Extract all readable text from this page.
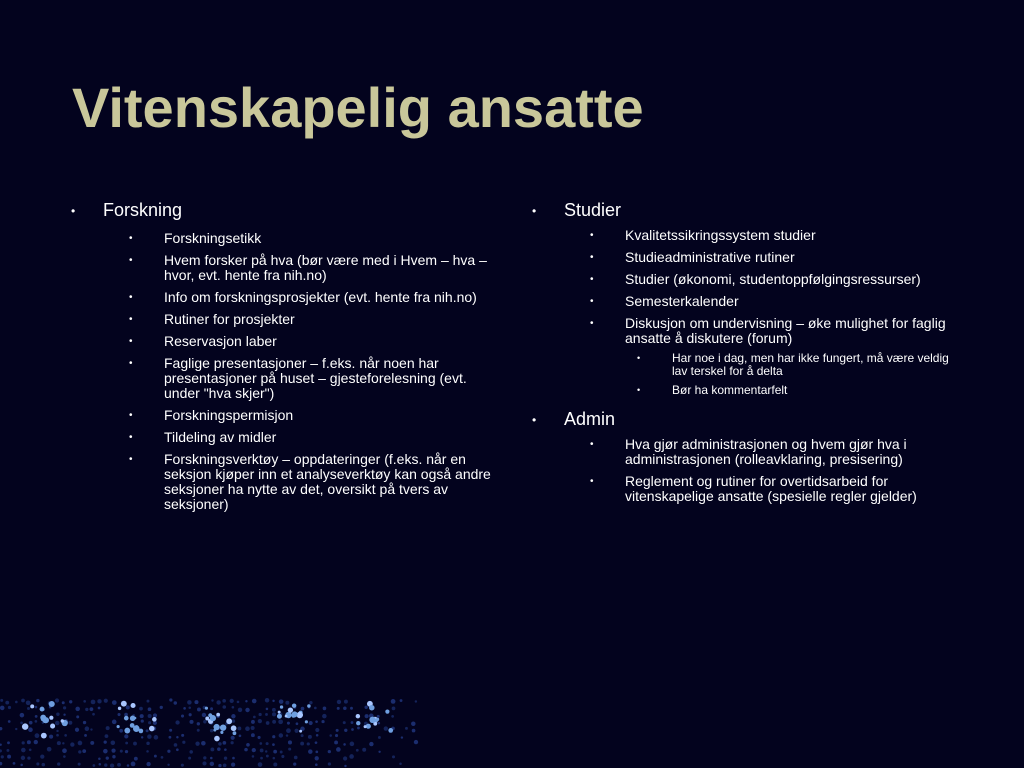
Vitenskapelig ansatte
• Forskning
• Forskningsetikk
• Hvem forsker på hva (bør være med i Hvem – hva – hvor, evt. hente fra nih.no)
• Info om forskningsprosjekter (evt. hente fra nih.no)
• Rutiner for prosjekter
• Reservasjon laber
• Faglige presentasjoner – f.eks. når noen har presentasjoner på huset – gjesteforelesning (evt. under "hva skjer")
• Forskningspermisjon
• Tildeling av midler
• Forskningsverktøy – oppdateringer (f.eks. når en seksjon kjøper inn et analyseverktøy kan også andre seksjoner ha nytte av det, oversikt på tvers av seksjoner)
• Studier
• Kvalitetssikringssystem studier
• Studieadministrative rutiner
• Studier (økonomi, studentoppfølgingsressurser)
• Semesterkalender
• Diskusjon om undervisning – øke mulighet for faglig ansatte å diskutere (forum)
•	Har noe i dag, men har ikke fungert, må være veldig lav terskel for å delta
•	Bør ha kommentarfelt
• Admin
• Hva gjør administrasjonen og hvem gjør hva i administrasjonen (rolleavklaring, presisering)
• Reglement og rutiner for overtidsarbeid for vitenskapelige ansatte (spesielle regler gjelder)
